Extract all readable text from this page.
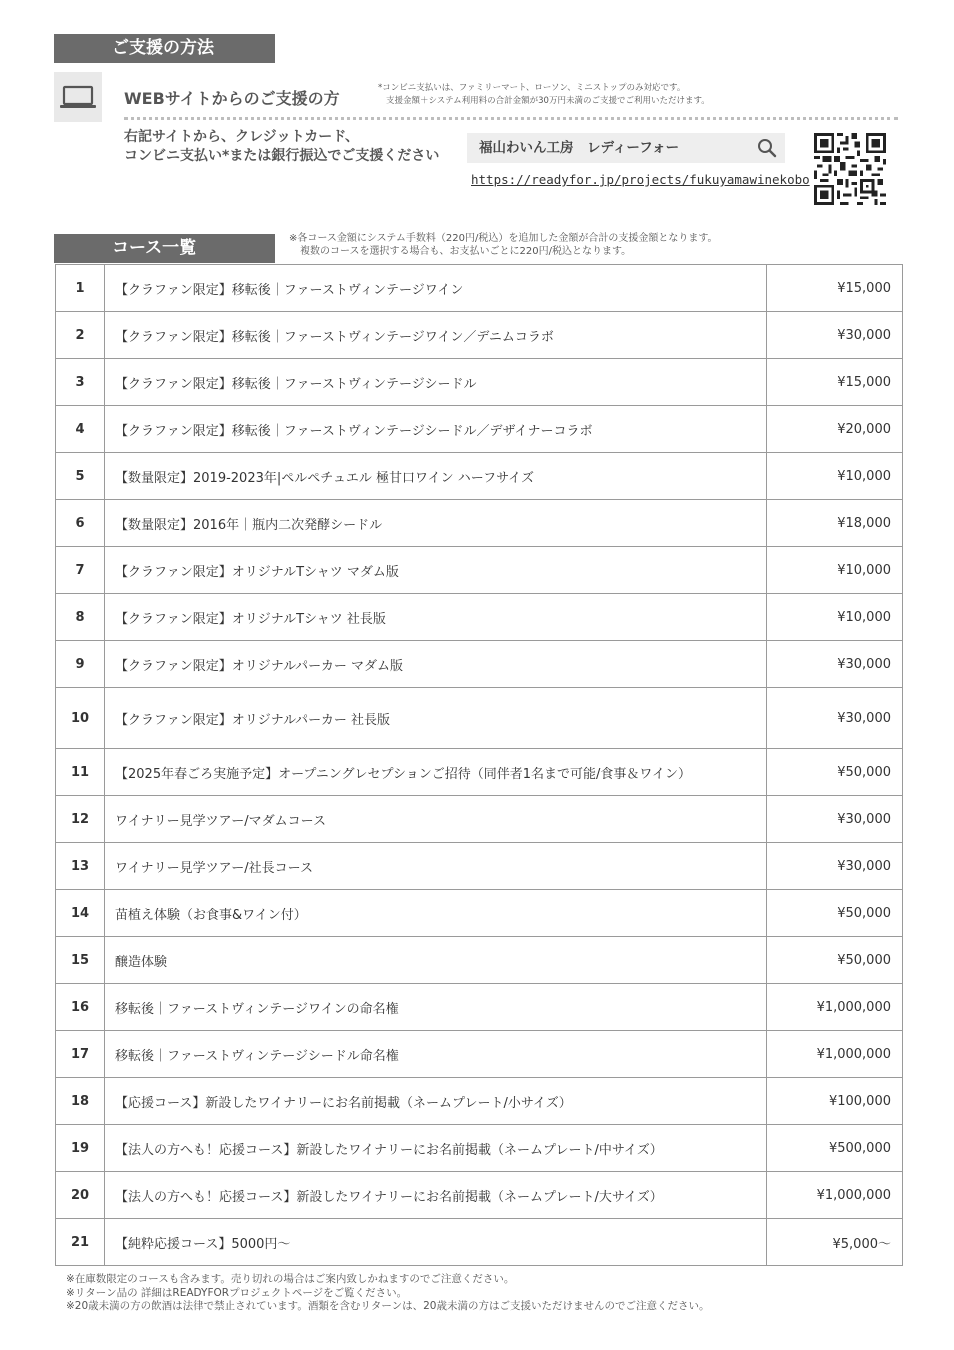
ご支援の方法
WEBサイトからのご支援の方
*コンビニ支払いは、ファミリーマート、ローソン、ミニストップのみ対応です。
支援金額＋システム利用料の合計金額が30万円未満のご支援でご利用いただけます。
右記サイトから、クレジットカード、
コンビニ支払い*または銀行振込でご支援ください	福山わいん工房　レディーフォー
https://readyfor.jp/projects/fukuyamawinekobo
コース一覧	※各コース金額にシステム手数料（220円/税込）を追加した金額が合計の支援金額となります。
複数のコースを選択する場合も、お支払いごとに220円/税込となります。
1	【クラファン限定】移転後｜ファーストヴィンテージワイン	¥15,000
2	【クラファン限定】移転後｜ファーストヴィンテージワイン／デニムコラボ	¥30,000
3	【クラファン限定】移転後｜ファーストヴィンテージシードル	¥15,000
4	【クラファン限定】移転後｜ファーストヴィンテージシードル／デザイナーコラボ	¥20,000
5	【数量限定】2019-2023年|ペルペチュエル 極甘口ワイン ハーフサイズ	¥10,000
6	【数量限定】2016年｜瓶内二次発酵シードル	¥18,000
7	【クラファン限定】オリジナルTシャツ マダム版	¥10,000
8	【クラファン限定】オリジナルTシャツ 社長版	¥10,000
9	【クラファン限定】オリジナルパーカー マダム版	¥30,000
10	【クラファン限定】オリジナルパーカー 社長版	¥30,000
11	【2025年春ごろ実施予定】オープニングレセプションご招待（同伴者1名まで可能/食事＆ワイン）	¥50,000
12	ワイナリー見学ツアー/マダムコース	¥30,000
13	ワイナリー見学ツアー/社長コース	¥30,000
14	苗植え体験（お食事&ワイン付）	¥50,000
15	醸造体験	¥50,000
16	移転後｜ファーストヴィンテージワインの命名権	¥1,000,000
17	移転後｜ファーストヴィンテージシードル命名権	¥1,000,000
18	【応援コース】新設したワイナリーにお名前掲載（ネームプレート/小サイズ）	¥100,000
19	【法人の方へも！応援コース】新設したワイナリーにお名前掲載（ネームプレート/中サイズ）	¥500,000
20	【法人の方へも！応援コース】新設したワイナリーにお名前掲載（ネームプレート/大サイズ）	¥1,000,000
21	【純粋応援コース】5000円～	¥5,000～
※在庫数限定のコースも含みます。売り切れの場合はご案内致しかねますのでご注意ください。
※リターン品の 詳細はREADYFORプロジェクトページをご覧ください。
※20歳未満の方の飲酒は法律で禁止されています。酒類を含むリターンは、20歳未満の方はご支援いただけませんのでご注意ください。
